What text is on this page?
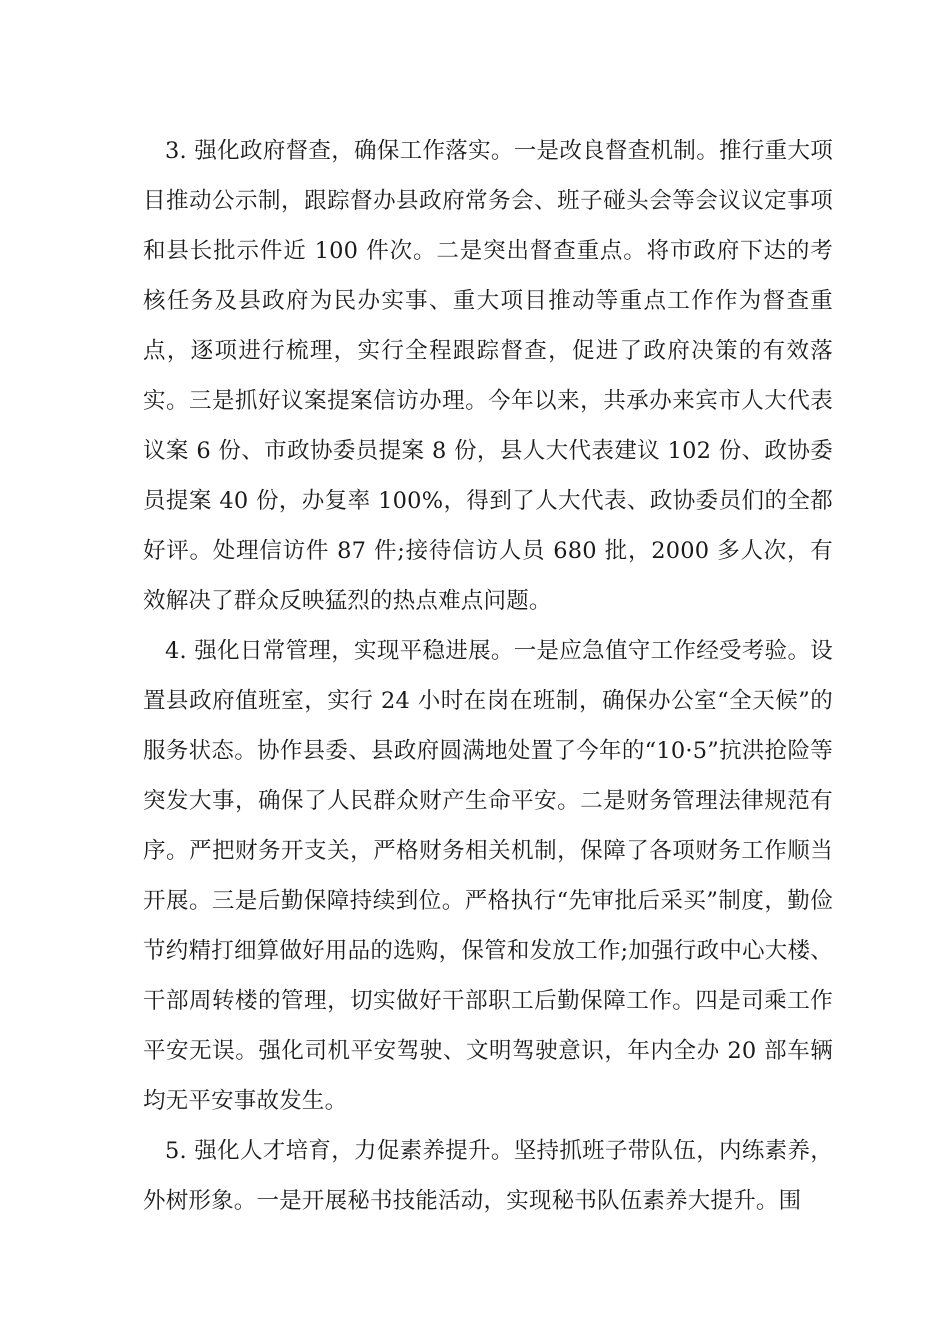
3. 强化政府督查，确保工作落实。一是改良督查机制。推行重大项目推动公示制，跟踪督办县政府常务会、班子碰头会等会议议定事项和县长批示件近 100 件次。二是突出督查重点。将市政府下达的考核任务及县政府为民办实事、重大项目推动等重点工作作为督查重点，逐项进行梳理，实行全程跟踪督查，促进了政府决策的有效落实。三是抓好议案提案信访办理。今年以来，共承办来宾市人大代表议案 6 份、市政协委员提案 8 份，县人大代表建议 102 份、政协委员提案 40 份，办复率 100%，得到了人大代表、政协委员们的全都好评。处理信访件 87 件;接待信访人员 680 批，2000 多人次，有效解决了群众反映猛烈的热点难点问题。

4. 强化日常管理，实现平稳进展。一是应急值守工作经受考验。设置县政府值班室，实行 24 小时在岗在班制，确保办公室“全天候”的服务状态。协作县委、县政府圆满地处置了今年的“10·5”抗洪抢险等突发大事，确保了人民群众财产生命平安。二是财务管理法律规范有序。严把财务开支关，严格财务相关机制，保障了各项财务工作顺当开展。三是后勤保障持续到位。严格执行“先审批后采买”制度，勤俭节约精打细算做好用品的选购，保管和发放工作;加强行政中心大楼、干部周转楼的管理，切实做好干部职工后勤保障工作。四是司乘工作平安无误。强化司机平安驾驶、文明驾驶意识，年内全办 20 部车辆均无平安事故发生。

5. 强化人才培育，力促素养提升。坚持抓班子带队伍，内练素养，外树形象。一是开展秘书技能活动，实现秘书队伍素养大提升。围
